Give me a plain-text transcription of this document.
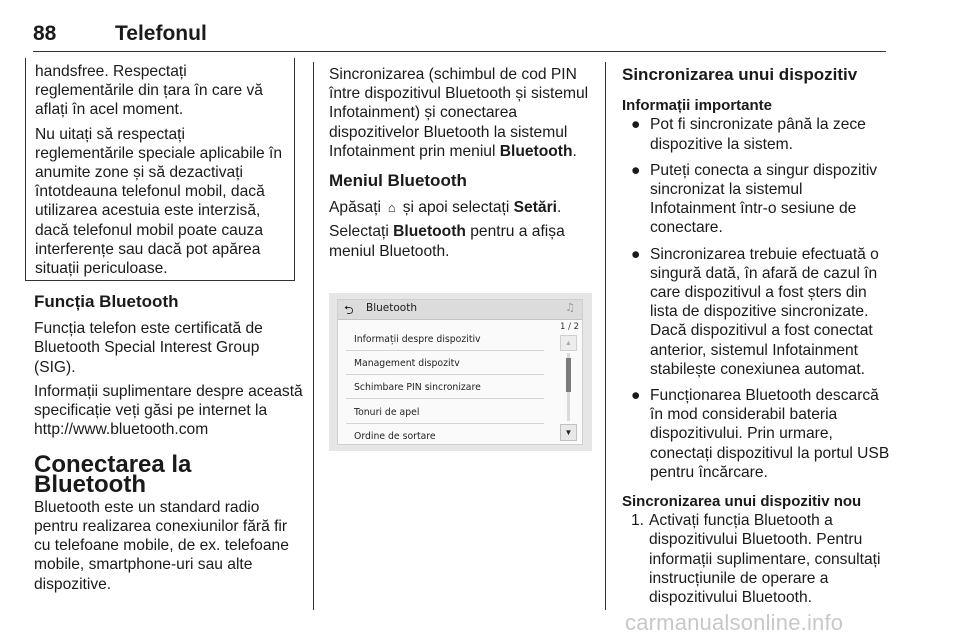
88	Telefonul

handsfree. Respectați reglementările din țara în care vă aflați în acel moment.

Nu uitați să respectați reglementările speciale aplicabile în anumite zone și să dezactivați întotdeauna telefonul mobil, dacă utilizarea acestuia este interzisă, dacă telefonul mobil poate cauza interferențe sau dacă pot apărea situații periculoase.

Funcția Bluetooth

Funcția telefon este certificată de Bluetooth Special Interest Group (SIG).

Informații suplimentare despre această specificație veți găsi pe internet la http://www.bluetooth.com

Conectarea la Bluetooth

Bluetooth este un standard radio pentru realizarea conexiunilor fără fir cu telefoane mobile, de ex. telefoane mobile, smartphone-uri sau alte dispozitive.

Sincronizarea (schimbul de cod PIN între dispozitivul Bluetooth și sistemul Infotainment) și conectarea dispozitivelor Bluetooth la sistemul Infotainment prin meniul Bluetooth.

Meniul Bluetooth

Apăsați ⌂ și apoi selectați Setări.

Selectați Bluetooth pentru a afișa meniul Bluetooth.

⮌ Bluetooth	♫
Informații despre dispozitiv
Management dispozitv
Schimbare PIN sincronizare
Tonuri de apel
Ordine de sortare
1 / 2
▲
▼
Sincronizarea unui dispozitiv
Informații importante
● Pot fi sincronizate până la zece dispozitive la sistem.
● Puteți conecta a singur dispozitiv sincronizat la sistemul Infotainment într-o sesiune de conectare.
● Sincronizarea trebuie efectuată o singură dată, în afară de cazul în care dispozitivul a fost șters din lista de dispozitive sincronizate. Dacă dispozitivul a fost conectat anterior, sistemul Infotainment stabilește conexiunea automat.
● Funcționarea Bluetooth descarcă în mod considerabil bateria dispozitivului. Prin urmare, conectați dispozitivul la portul USB pentru încărcare.
Sincronizarea unui dispozitiv nou
1. Activați funcția Bluetooth a dispozitivului Bluetooth. Pentru informații suplimentare, consultați instrucțiunile de operare a dispozitivului Bluetooth.
carmanualsonline.info
